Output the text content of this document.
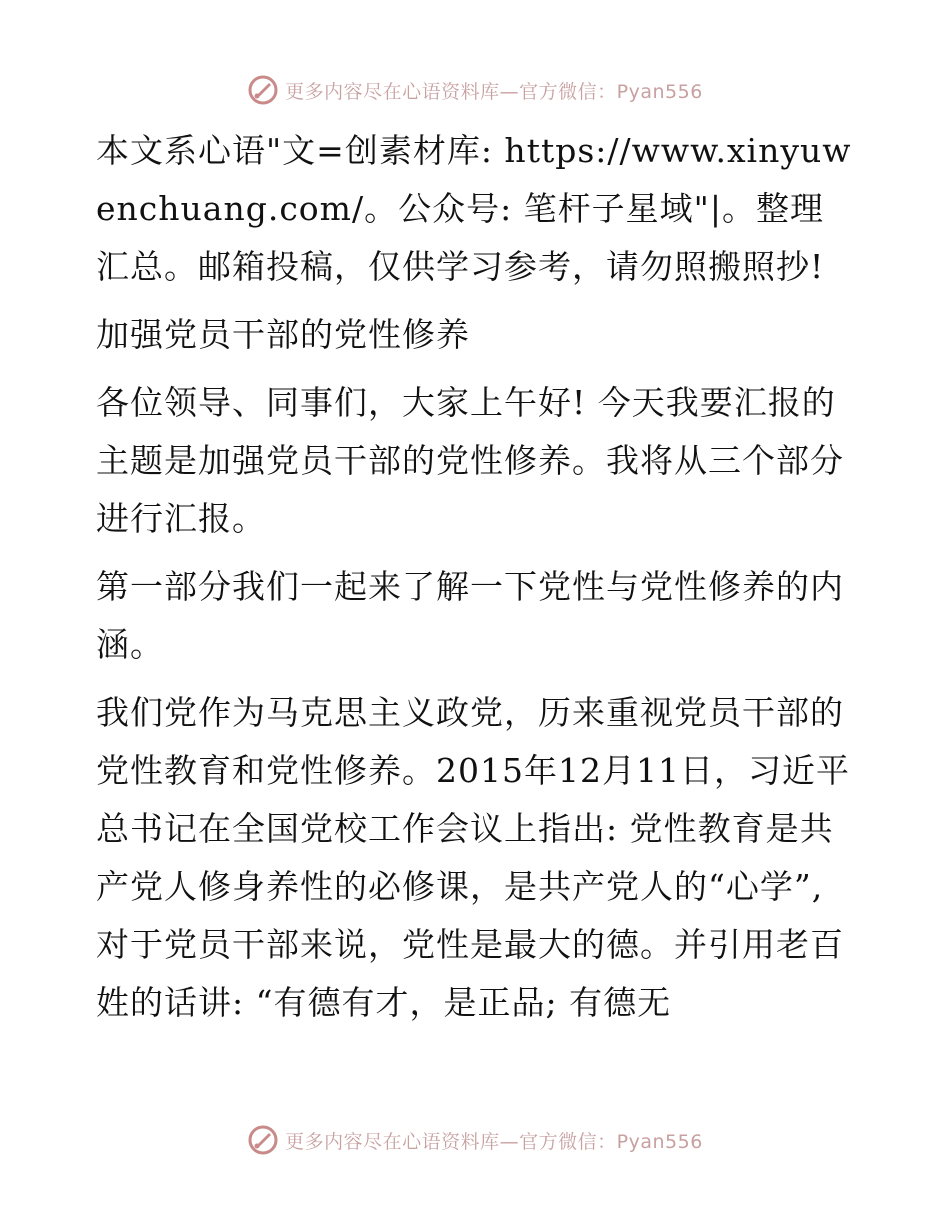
更多内容尽在心语资料库—官方微信：Pyan556

本文系心语"文=创素材库: https://www.xinyuwenchuang.com/。公众号: 笔杆子星域"|。整理汇总。邮箱投稿，仅供学习参考，请勿照搬照抄!

加强党员干部的党性修养

各位领导、同事们，大家上午好! 今天我要汇报的主题是加强党员干部的党性修养。我将从三个部分进行汇报。

第一部分我们一起来了解一下党性与党性修养的内涵。

我们党作为马克思主义政党，历来重视党员干部的党性教育和党性修养。2015年12月11日，习近平总书记在全国党校工作会议上指出: 党性教育是共产党人修身养性的必修课，是共产党人的“心学”,对于党员干部来说，党性是最大的德。并引用老百姓的话讲: “有德有才，是正品; 有德无

更多内容尽在心语资料库—官方微信：Pyan556
